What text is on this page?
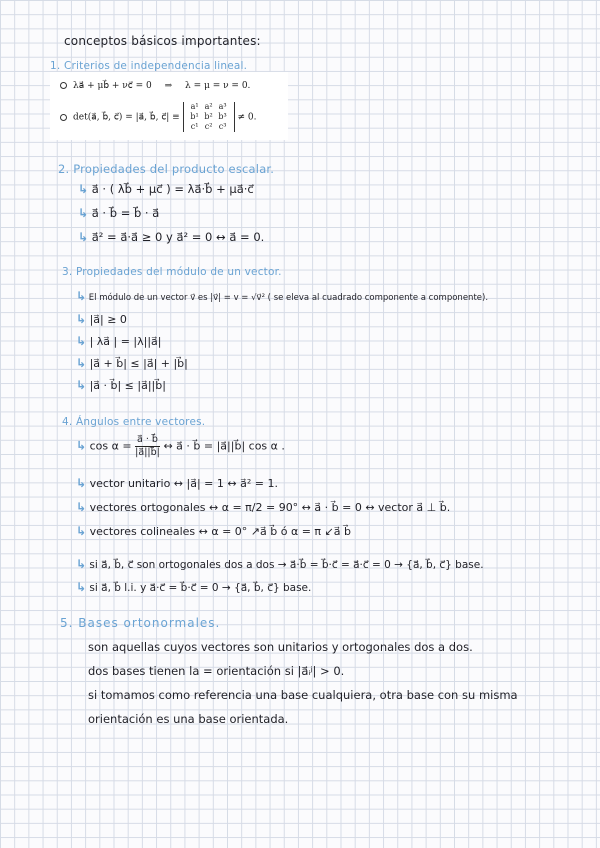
conceptos básicos importantes:
1. Criterios de independencia lineal.
λa⃗ + μb⃗ + νc⃗ = 0 ⇒ λ = μ = ν = 0.
det(a⃗, b⃗, c⃗) = |a⃗, b⃗, c⃗| ≡ a¹ a² a³
b¹ b² b³
c¹ c² c³ ≠ 0.
2. Propiedades del producto escalar.
↳ a⃗ · ( λb⃗ + μc⃗ ) = λa⃗·b⃗ + μa⃗·c⃗
↳ a⃗ · b⃗ = b⃗ · a⃗
↳ a⃗² = a⃗·a⃗ ≥ 0 y a⃗² = 0 ↔ a⃗ = 0.
3. Propiedades del módulo de un vector.
↳ El módulo de un vector v⃗ es |v⃗| = v = √v⃗² ( se eleva al cuadrado componente a componente).
↳ |a⃗| ≥ 0
↳ | λa⃗ | = |λ||a⃗|
↳ |a⃗ + b⃗| ≤ |a⃗| + |b⃗|
↳ |a⃗ · b⃗| ≤ |a⃗||b⃗|
4. Ángulos entre vectores.
↳ $\cos \alpha = \frac{a⃗ \cdot b⃗}{|a⃗||b⃗|}$ ↔ a⃗ · b⃗ = |a⃗||b⃗| cos α .
↳ vector unitario ↔ |a⃗| = 1 ↔ a⃗² = 1.
↳ vectores ortogonales ↔ α = π/2 = 90° ↔ a⃗ · b⃗ = 0 ↔ vector a⃗ ⊥ b⃗.
↳ vectores colineales ↔ α = 0° ↗a⃗ b⃗ ó α = π ↙a⃗ b⃗
↳ si a⃗, b⃗, c⃗ son ortogonales dos a dos → a⃗·b⃗ = b⃗·c⃗ = a⃗·c⃗ = 0 → {a⃗, b⃗, c⃗} base.
↳ si a⃗, b⃗ l.i. y a⃗·c⃗ = b⃗·c⃗ = 0 → {a⃗, b⃗, c⃗} base.
5. Bases ortonormales.
son aquellas cuyos vectores son unitarios y ortogonales dos a dos.
dos bases tienen la = orientación si |a⃗ᵢʲ| > 0.
si tomamos como referencia una base cualquiera, otra base con su misma
orientación es una base orientada.
